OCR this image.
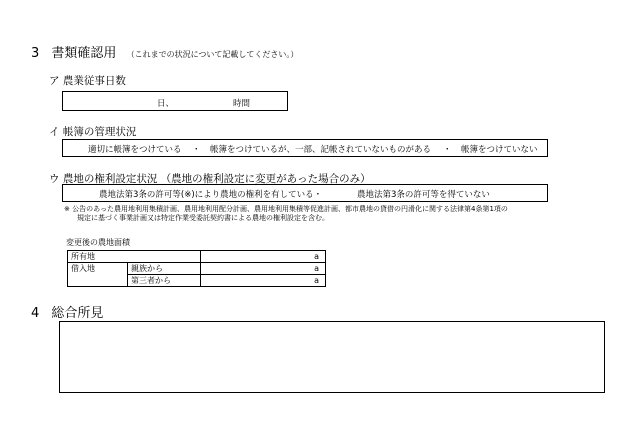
3 書類確認用 （これまでの状況について記載してください。）
ア 農業従事日数
日、	時間
イ 帳簿の管理状況
適切に帳簿をつけている ・ 帳簿をつけているが、一部、記帳されていないものがある ・ 帳簿をつけていない
ウ 農地の権利設定状況 （農地の権利設定に変更があった場合のみ）
農地法第3条の許可等(※)により農地の権利を有している・	農地法第3条の許可等を得ていない
※ 公告のあった農用地利用集積計画、農用地利用配分計画、農用地利用集積等促進計画、都市農地の貸借の円滑化に関する法律第4条第1項の
規定に基づく事業計画又は特定作業受委託契約書による農地の権利設定を含む。
変更後の農地面積
所有地		a
借入地	親族から	a
	第三者から	a
4 総合所見
